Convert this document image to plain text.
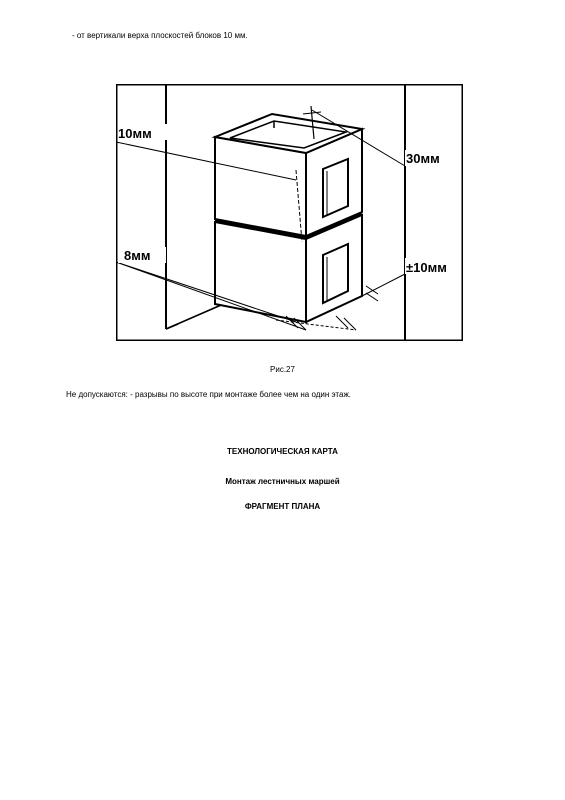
- от вертикали верха плоскостей блоков 10 мм.
10мм
8мм
30мм
±10мм
Рис.27
Не допускаются: - разрывы по высоте при монтаже более чем на один этаж.
ТЕХНОЛОГИЧЕСКАЯ КАРТА
Монтаж лестничных маршей
ФРАГМЕНТ ПЛАНА
